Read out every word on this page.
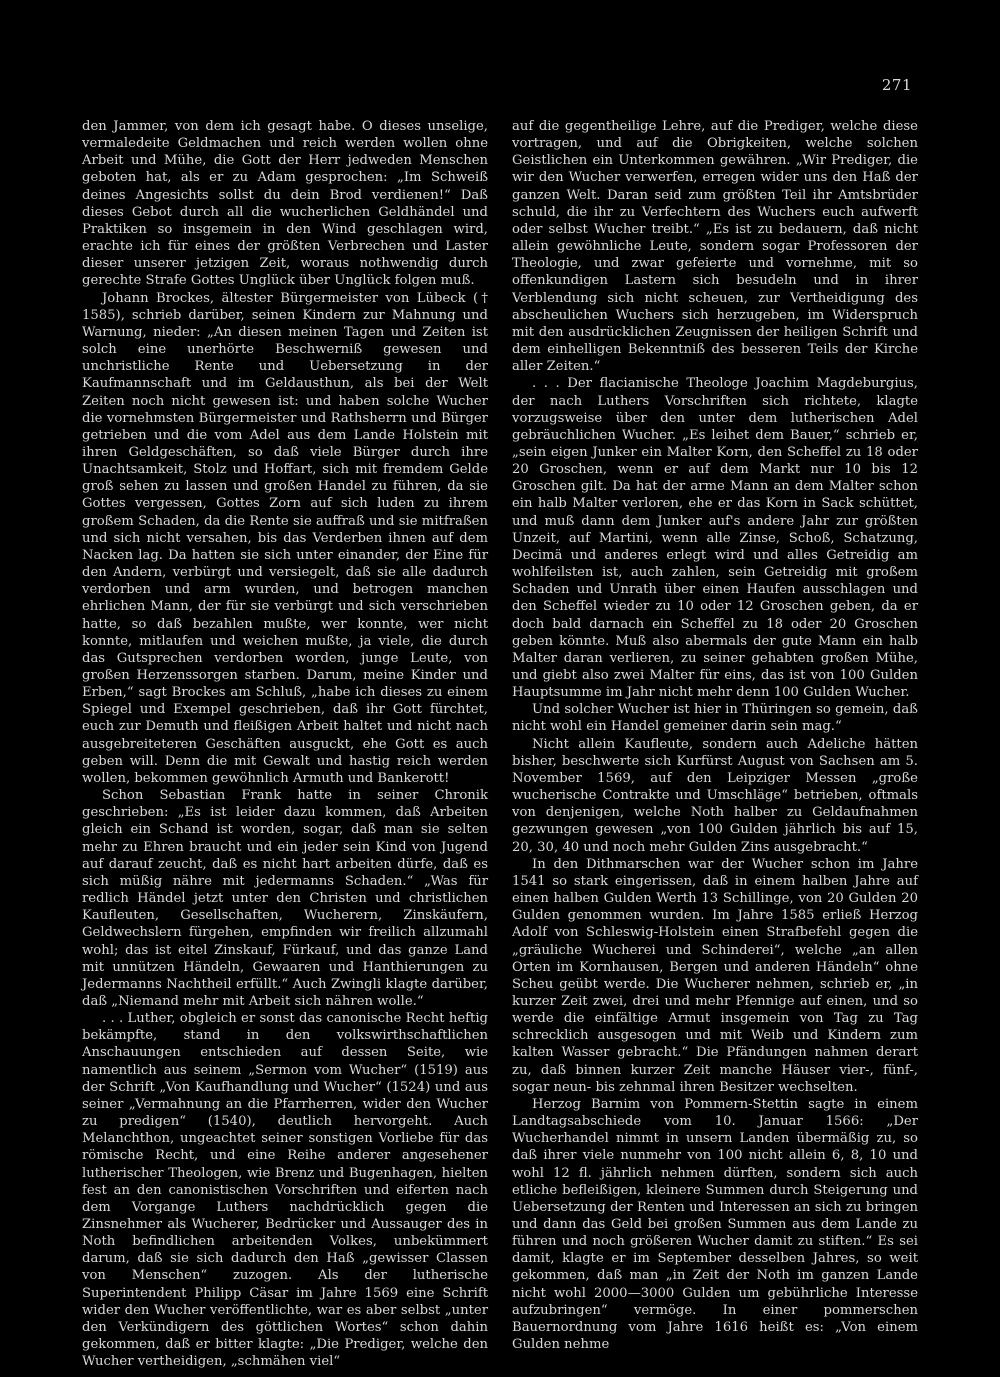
271

den Jammer, von dem ich gesagt habe. O dieses unselige, vermaledeite Geldmachen und reich werden wollen ohne Arbeit und Mühe, die Gott der Herr jedweden Menschen geboten hat, als er zu Adam gesprochen: „Im Schweiß deines Angesichts sollst du dein Brod verdienen!“ Daß dieses Gebot durch all die wucherlichen Geldhändel und Praktiken so insgemein in den Wind geschlagen wird, erachte ich für eines der größten Verbrechen und Laster dieser unserer jetzigen Zeit, woraus nothwendig durch gerechte Strafe Gottes Unglück über Unglück folgen muß.

Johann Brockes, ältester Bürgermeister von Lübeck († 1585), schrieb darüber, seinen Kindern zur Mahnung und Warnung, nieder: „An diesen meinen Tagen und Zeiten ist solch eine unerhörte Beschwerniß gewesen und unchristliche Rente und Uebersetzung in der Kaufmannschaft und im Geldausthun, als bei der Welt Zeiten noch nicht gewesen ist: und haben solche Wucher die vornehmsten Bürgermeister und Rathsherrn und Bürger getrieben und die vom Adel aus dem Lande Holstein mit ihren Geldgeschäften, so daß viele Bürger durch ihre Unachtsamkeit, Stolz und Hoffart, sich mit fremdem Gelde groß sehen zu lassen und großen Handel zu führen, da sie Gottes vergessen, Gottes Zorn auf sich luden zu ihrem großem Schaden, da die Rente sie auffraß und sie mitfraßen und sich nicht versahen, bis das Verderben ihnen auf dem Nacken lag. Da hatten sie sich unter einander, der Eine für den Andern, verbürgt und versiegelt, daß sie alle dadurch verdorben und arm wurden, und betrogen manchen ehrlichen Mann, der für sie verbürgt und sich verschrieben hatte, so daß bezahlen mußte, wer konnte, wer nicht konnte, mitlaufen und weichen mußte, ja viele, die durch das Gutsprechen verdorben worden, junge Leute, von großen Herzenssorgen starben. Darum, meine Kinder und Erben,“ sagt Brockes am Schluß, „habe ich dieses zu einem Spiegel und Exempel geschrieben, daß ihr Gott fürchtet, euch zur Demuth und fleißigen Arbeit haltet und nicht nach ausgebreiteteren Geschäften ausguckt, ehe Gott es auch geben will. Denn die mit Gewalt und hastig reich werden wollen, bekommen gewöhnlich Armuth und Bankerott!

Schon Sebastian Frank hatte in seiner Chronik geschrieben: „Es ist leider dazu kommen, daß Arbeiten gleich ein Schand ist worden, sogar, daß man sie selten mehr zu Ehren braucht und ein jeder sein Kind von Jugend auf darauf zeucht, daß es nicht hart arbeiten dürfe, daß es sich müßig nähre mit jedermanns Schaden.“ „Was für redlich Händel jetzt unter den Christen und christlichen Kaufleuten, Gesellschaften, Wucherern, Zinskäufern, Geldwechslern fürgehen, empfinden wir freilich allzumahl wohl; das ist eitel Zinskauf, Fürkauf, und das ganze Land mit unnützen Händeln, Gewaaren und Hanthierungen zu Jedermanns Nachtheil erfüllt.“ Auch Zwingli klagte darüber, daß „Niemand mehr mit Arbeit sich nähren wolle.“

. . . Luther, obgleich er sonst das canonische Recht heftig bekämpfte, stand in den volkswirthschaftlichen Anschauungen entschieden auf dessen Seite, wie namentlich aus seinem „Sermon vom Wucher“ (1519) aus der Schrift „Von Kaufhandlung und Wucher“ (1524) und aus seiner „Vermahnung an die Pfarrherren, wider den Wucher zu predigen“ (1540), deutlich hervorgeht. Auch Melanchthon, ungeachtet seiner sonstigen Vorliebe für das römische Recht, und eine Reihe anderer angesehener lutherischer Theologen, wie Brenz und Bugenhagen, hielten fest an den canonistischen Vorschriften und eiferten nach dem Vorgange Luthers nachdrücklich gegen die Zinsnehmer als Wucherer, Bedrücker und Aussauger des in Noth befindlichen arbeitenden Volkes, unbekümmert darum, daß sie sich dadurch den Haß „gewisser Classen von Menschen“ zuzogen. Als der lutherische Superintendent Philipp Cäsar im Jahre 1569 eine Schrift wider den Wucher veröffentlichte, war es aber selbst „unter den Verkündigern des göttlichen Wortes“ schon dahin gekommen, daß er bitter klagte: „Die Prediger, welche den Wucher vertheidigen, „schmähen viel“

auf die gegentheilige Lehre, auf die Prediger, welche diese vortragen, und auf die Obrigkeiten, welche solchen Geistlichen ein Unterkommen gewähren. „Wir Prediger, die wir den Wucher verwerfen, erregen wider uns den Haß der ganzen Welt. Daran seid zum größten Teil ihr Amtsbrüder schuld, die ihr zu Verfechtern des Wuchers euch aufwerft oder selbst Wucher treibt.“ „Es ist zu bedauern, daß nicht allein gewöhnliche Leute, sondern sogar Professoren der Theologie, und zwar gefeierte und vornehme, mit so offenkundigen Lastern sich besudeln und in ihrer Verblendung sich nicht scheuen, zur Vertheidigung des abscheulichen Wuchers sich herzugeben, im Widerspruch mit den ausdrücklichen Zeugnissen der heiligen Schrift und dem einhelligen Bekenntniß des besseren Teils der Kirche aller Zeiten.“

. . . Der flacianische Theologe Joachim Magdeburgius, der nach Luthers Vorschriften sich richtete, klagte vorzugsweise über den unter dem lutherischen Adel gebräuchlichen Wucher. „Es leihet dem Bauer,“ schrieb er, „sein eigen Junker ein Malter Korn, den Scheffel zu 18 oder 20 Groschen, wenn er auf dem Markt nur 10 bis 12 Groschen gilt. Da hat der arme Mann an dem Malter schon ein halb Malter verloren, ehe er das Korn in Sack schüttet, und muß dann dem Junker auf's andere Jahr zur größten Unzeit, auf Martini, wenn alle Zinse, Schoß, Schatzung, Decimä und anderes erlegt wird und alles Getreidig am wohlfeilsten ist, auch zahlen, sein Getreidig mit großem Schaden und Unrath über einen Haufen ausschlagen und den Scheffel wieder zu 10 oder 12 Groschen geben, da er doch bald darnach ein Scheffel zu 18 oder 20 Groschen geben könnte. Muß also abermals der gute Mann ein halb Malter daran verlieren, zu seiner gehabten großen Mühe, und giebt also zwei Malter für eins, das ist von 100 Gulden Hauptsumme im Jahr nicht mehr denn 100 Gulden Wucher.

Und solcher Wucher ist hier in Thüringen so gemein, daß nicht wohl ein Handel gemeiner darin sein mag.“

Nicht allein Kaufleute, sondern auch Adeliche hätten bisher, beschwerte sich Kurfürst August von Sachsen am 5. November 1569, auf den Leipziger Messen „große wucherische Contrakte und Umschläge“ betrieben, oftmals von denjenigen, welche Noth halber zu Geldaufnahmen gezwungen gewesen „von 100 Gulden jährlich bis auf 15, 20, 30, 40 und noch mehr Gulden Zins ausgebracht.“

In den Dithmarschen war der Wucher schon im Jahre 1541 so stark eingerissen, daß in einem halben Jahre auf einen halben Gulden Werth 13 Schillinge, von 20 Gulden 20 Gulden genommen wurden. Im Jahre 1585 erließ Herzog Adolf von Schleswig-Holstein einen Strafbefehl gegen die „gräuliche Wucherei und Schinderei“, welche „an allen Orten im Kornhausen, Bergen und anderen Händeln“ ohne Scheu geübt werde. Die Wucherer nehmen, schrieb er, „in kurzer Zeit zwei, drei und mehr Pfennige auf einen, und so werde die einfältige Armut insgemein von Tag zu Tag schrecklich ausgesogen und mit Weib und Kindern zum kalten Wasser gebracht.“ Die Pfändungen nahmen derart zu, daß binnen kurzer Zeit manche Häuser vier-, fünf-, sogar neun- bis zehnmal ihren Besitzer wechselten.

Herzog Barnim von Pommern-Stettin sagte in einem Landtagsabschiede vom 10. Januar 1566: „Der Wucherhandel nimmt in unsern Landen übermäßig zu, so daß ihrer viele nunmehr von 100 nicht allein 6, 8, 10 und wohl 12 fl. jährlich nehmen dürften, sondern sich auch etliche befleißigen, kleinere Summen durch Steigerung und Uebersetzung der Renten und Interessen an sich zu bringen und dann das Geld bei großen Summen aus dem Lande zu führen und noch größeren Wucher damit zu stiften.“ Es sei damit, klagte er im September desselben Jahres, so weit gekommen, daß man „in Zeit der Noth im ganzen Lande nicht wohl 2000—3000 Gulden um gebührliche Interesse aufzubringen“ vermöge. In einer pommerschen Bauernordnung vom Jahre 1616 heißt es: „Von einem Gulden nehme
